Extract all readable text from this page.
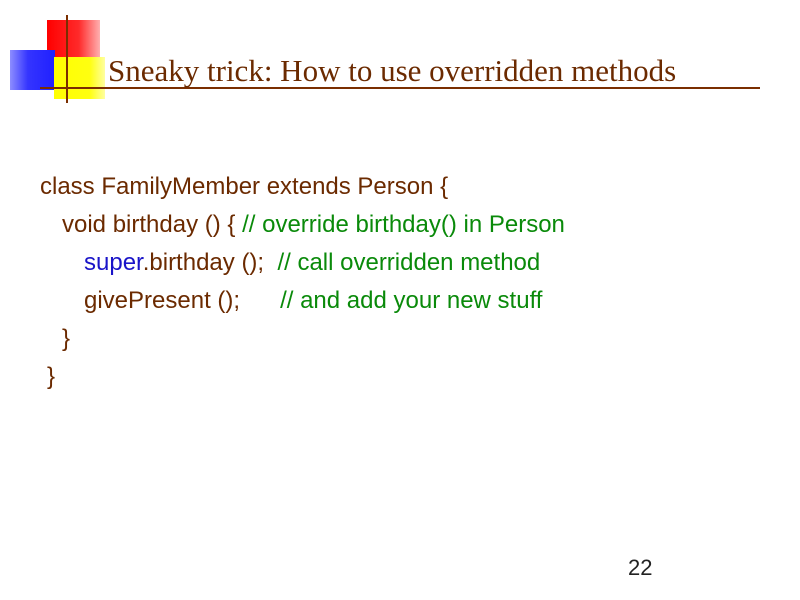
Sneaky trick: How to use overridden methods
class FamilyMember extends Person {
void birthday () { // override birthday() in Person
super.birthday ();  // call overridden method
givePresent ();      // and add your new stuff
}
}
22
